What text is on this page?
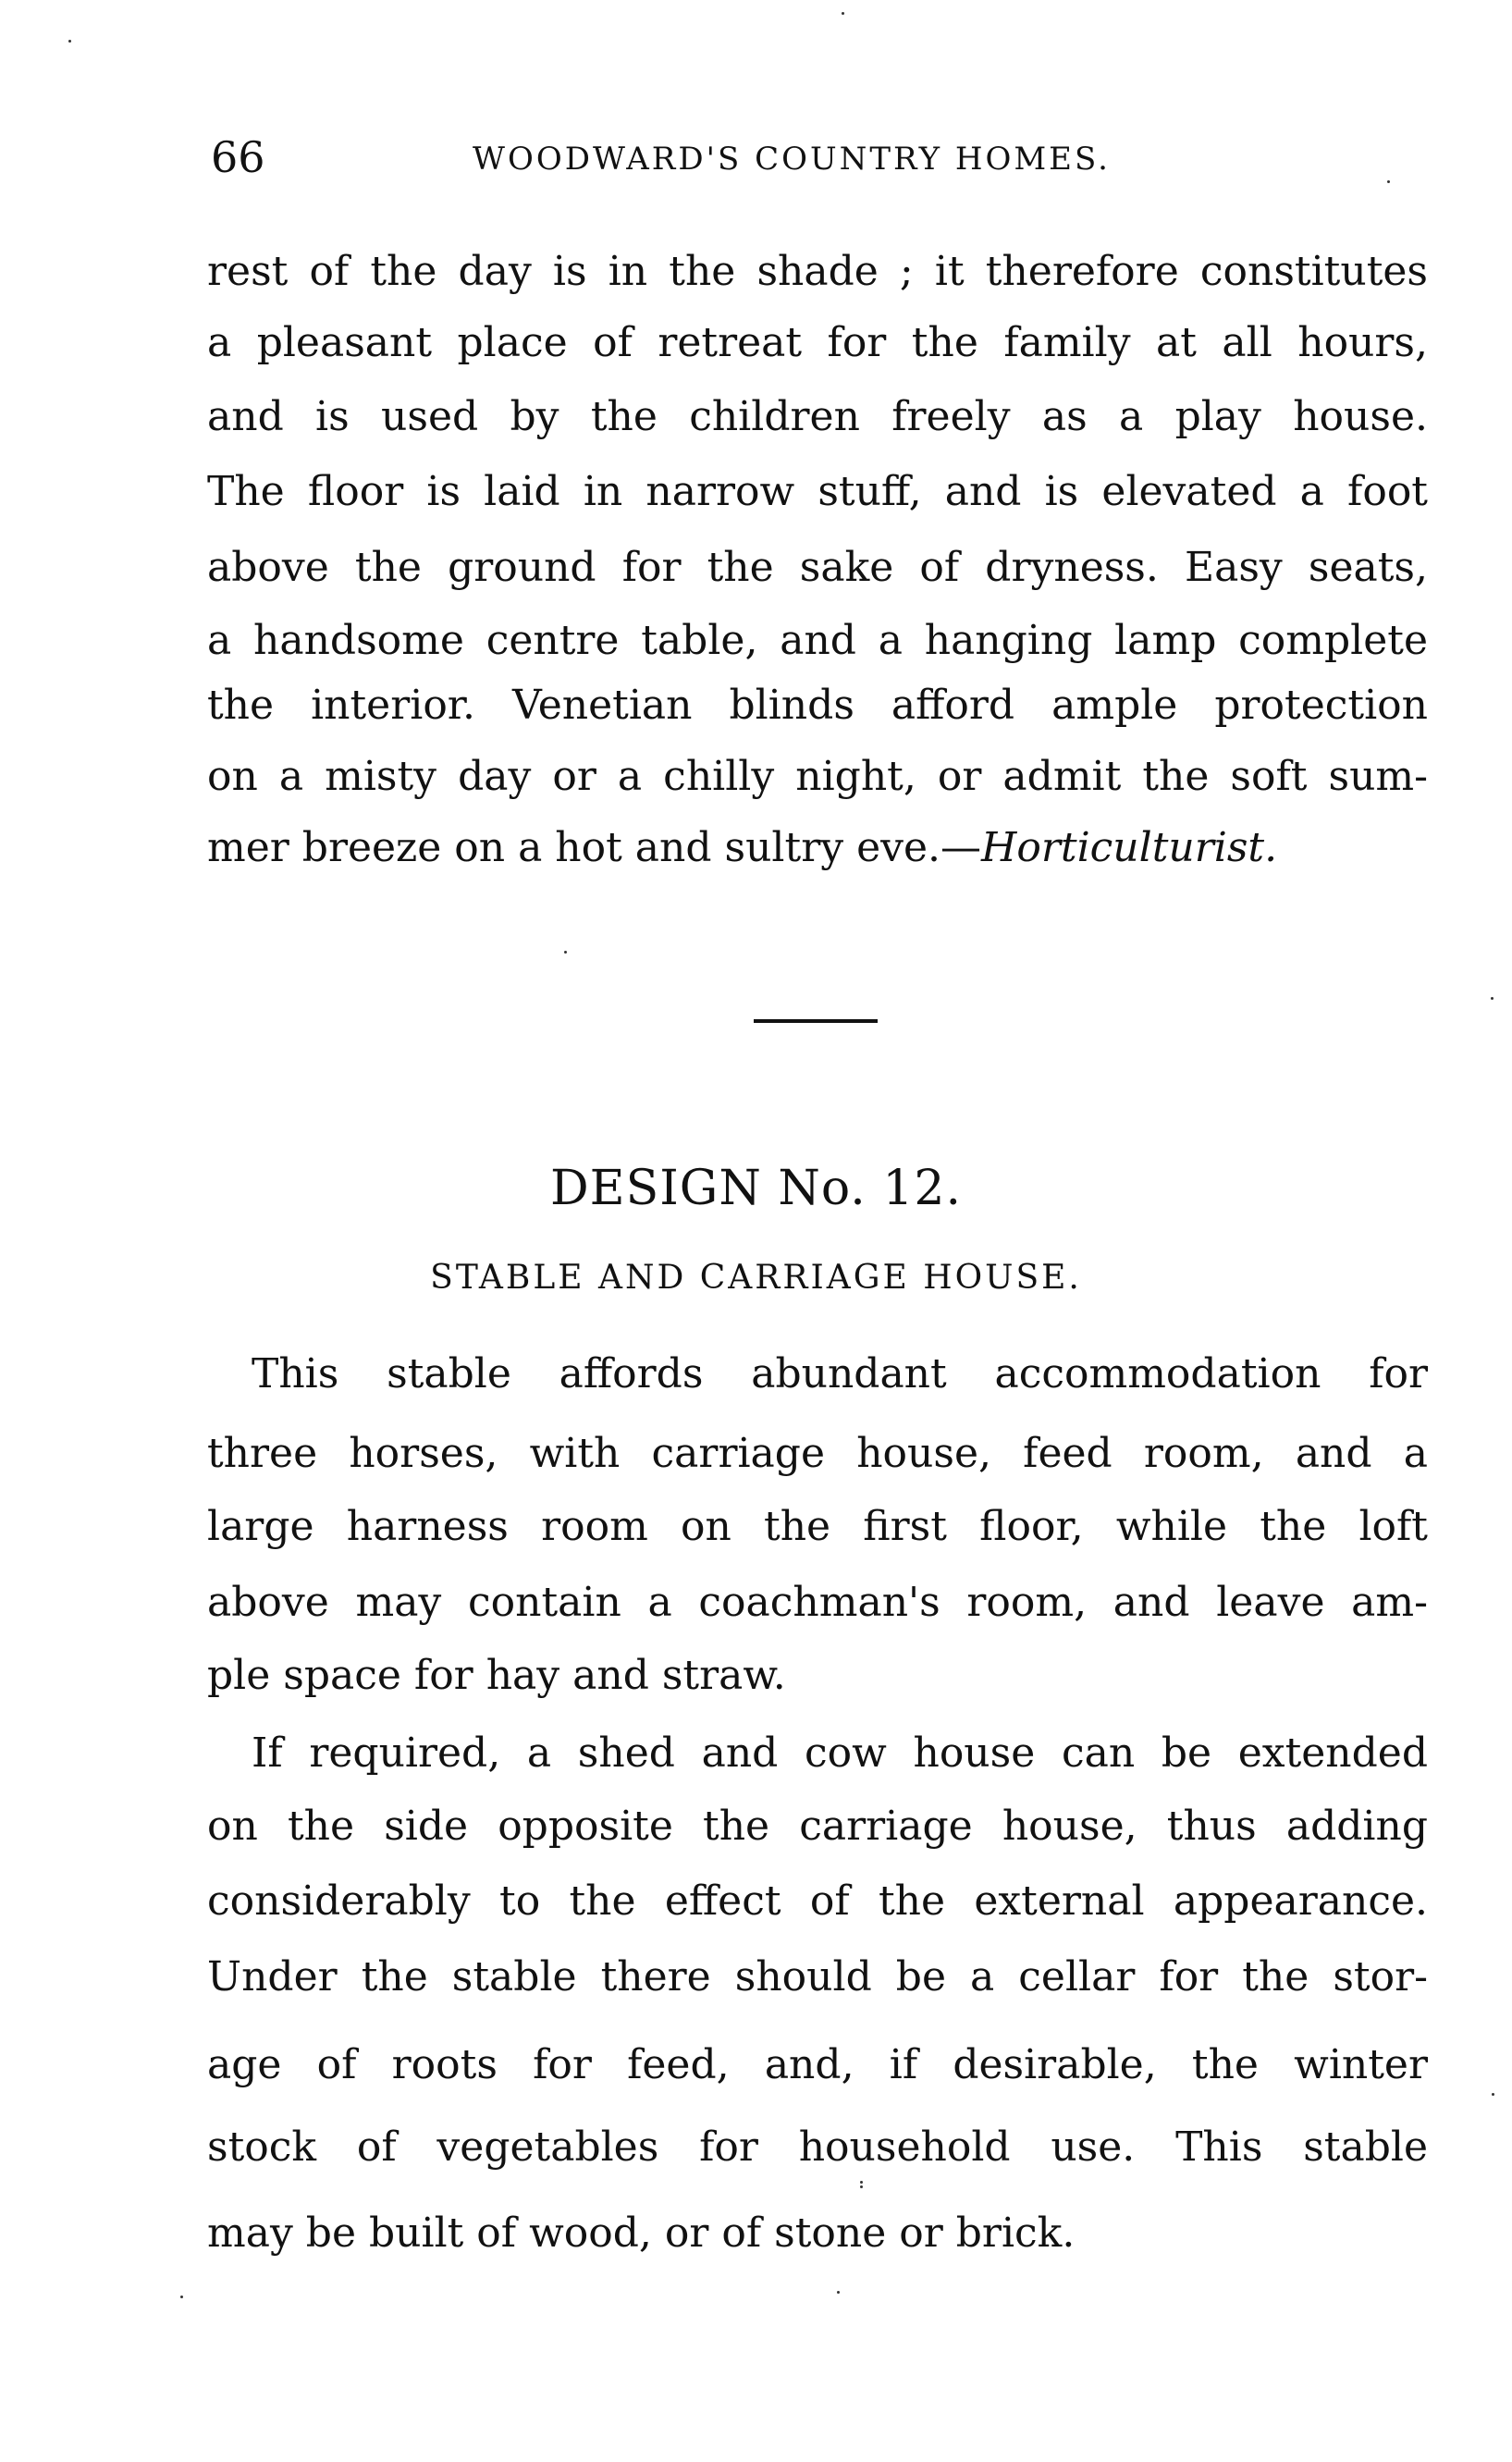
66	WOODWARD'S COUNTRY HOMES.
rest of the day is in the shade ; it therefore constitutes
a pleasant place of retreat for the family at all hours,
and is used by the children freely as a play house.
The floor is laid in narrow stuff, and is elevated a foot
above the ground for the sake of dryness. Easy seats,
a handsome centre table, and a hanging lamp complete
the interior. Venetian blinds afford ample protection
on a misty day or a chilly night, or admit the soft sum-
mer breeze on a hot and sultry eve.—Horticulturist.
DESIGN No. 12.
STABLE AND CARRIAGE HOUSE.
This stable affords abundant accommodation for
three horses, with carriage house, feed room, and a
large harness room on the first floor, while the loft
above may contain a coachman's room, and leave am-
ple space for hay and straw.
If required, a shed and cow house can be extended
on the side opposite the carriage house, thus adding
considerably to the effect of the external appearance.
Under the stable there should be a cellar for the stor-
age of roots for feed, and, if desirable, the winter
stock of vegetables for household use. This stable
may be built of wood, or of stone or brick.
